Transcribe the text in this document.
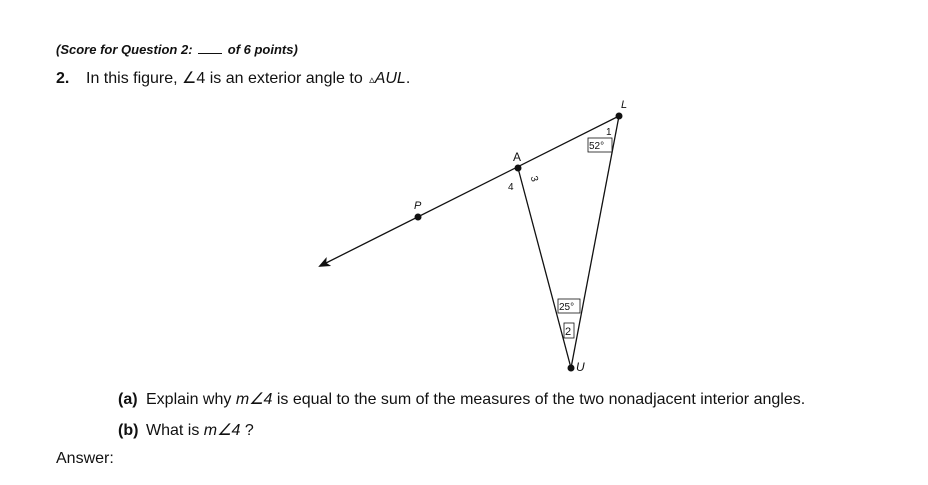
(Score for Question 2:  of 6 points)
2. In this figure, ∠4 is an exterior angle to ▵AUL.
P
A
L
U
1
52°
3
4
25°
2
(a) Explain why m∠4 is equal to the sum of the measures of the two nonadjacent interior angles.
(b) What is m∠4 ?
Answer:
